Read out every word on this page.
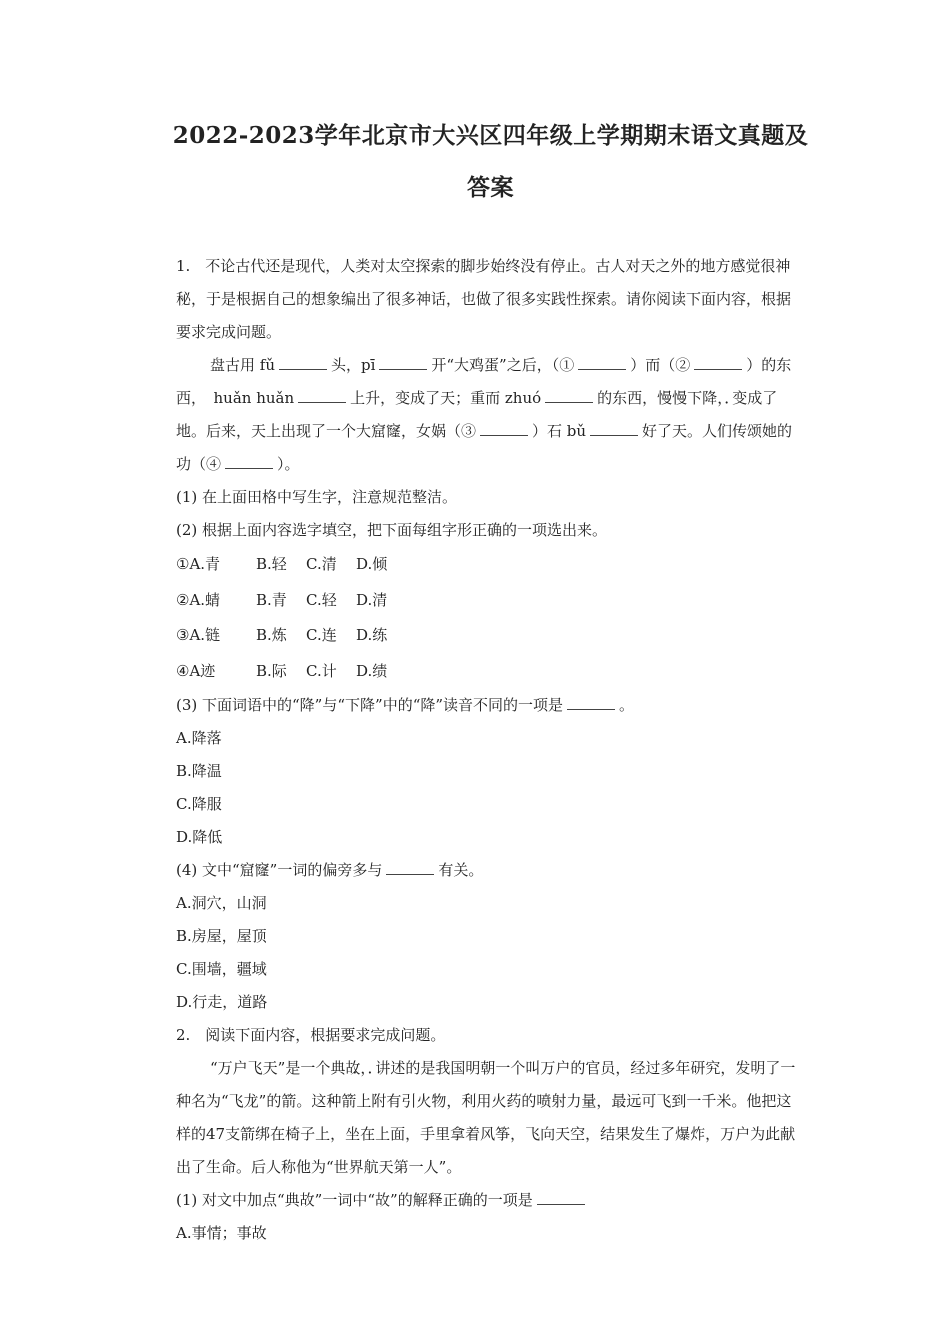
2022-2023学年北京市大兴区四年级上学期期末语文真题及
答案

1.　不论古代还是现代，人类对太空探索的脚步始终没有停止。古人对天之外的地方感觉很神秘，于是根据自己的想象编出了很多神话，也做了很多实践性探索。请你阅读下面内容，根据要求完成问题。

盘古用 fǔ	头，pī	开“大鸡蛋”之后，（①	）而（②	）的东西，　huǎn huǎn	上升，变成了天；重而 zhuó	的东西，慢慢下降，变成了地。后来，天上出现了一个大窟窿，女娲（③	）石 bǔ	好了天。人们传颂她的功（④	）。

(1) 在上面田格中写生字，注意规范整洁。

(2) 根据上面内容选字填空，把下面每组字形正确的一项选出来。

①A.青 B.轻 C.清 D.倾

②A.蜻 B.青 C.轻 D.清

③A.链 B.炼 C.连 D.练

④A迹	B.际 C.计 D.绩

(3) 下面词语中的“降”与“下降”中的“降”读音不同的一项是	。

A.降落

B.降温

C.降服

D.降低

(4) 文中“窟窿”一词的偏旁多与	有关。

A.洞穴，山洞

B.房屋，屋顶

C.围墙，疆域

D.行走，道路

2.　阅读下面内容，根据要求完成问题。

“万户飞天”是一个典故，讲述的是我国明朝一个叫万户的官员，经过多年研究，发明了一种名为“飞龙”的箭。这种箭上附有引火物，利用火药的喷射力量，最远可飞到一千米。他把这样的47支箭绑在椅子上，坐在上面，手里拿着风筝，飞向天空，结果发生了爆炸，万户为此献出了生命。后人称他为“世界航天第一人”。

(1) 对文中加点“典故”一词中“故”的解释正确的一项是

A.事情；事故
